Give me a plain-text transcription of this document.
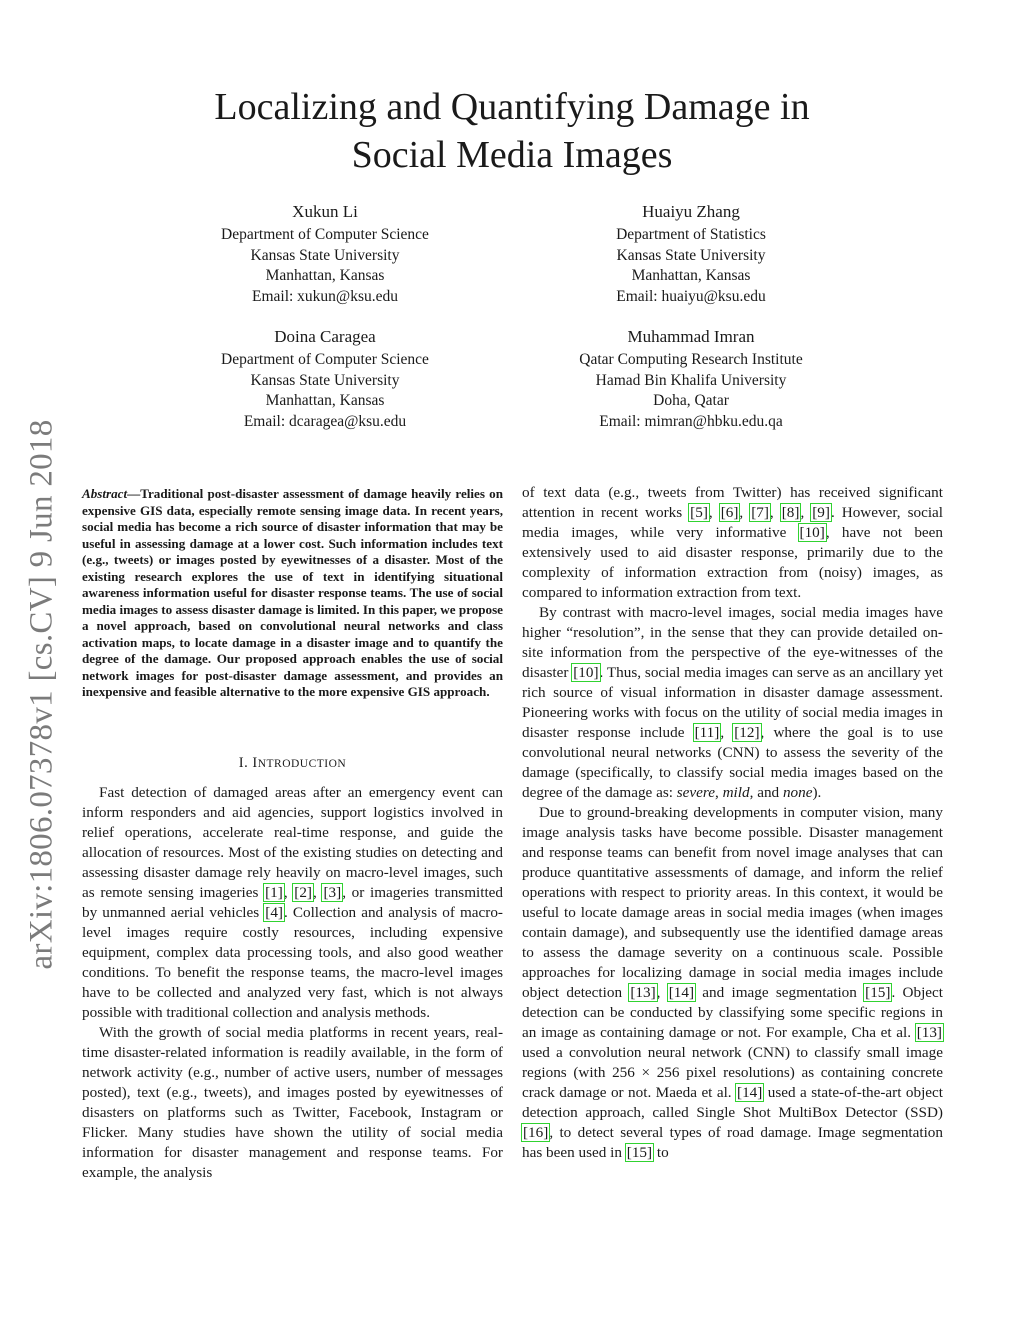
arXiv:1806.07378v1 [cs.CV] 9 Jun 2018
Localizing and Quantifying Damage in
Social Media Images
Xukun Li
Department of Computer Science
Kansas State University
Manhattan, Kansas
Email: xukun@ksu.edu
Huaiyu Zhang
Department of Statistics
Kansas State University
Manhattan, Kansas
Email: huaiyu@ksu.edu
Doina Caragea
Department of Computer Science
Kansas State University
Manhattan, Kansas
Email: dcaragea@ksu.edu
Muhammad Imran
Qatar Computing Research Institute
Hamad Bin Khalifa University
Doha, Qatar
Email: mimran@hbku.edu.qa
Abstract—Traditional post-disaster assessment of damage heavily relies on expensive GIS data, especially remote sensing image data. In recent years, social media has become a rich source of disaster information that may be useful in assessing damage at a lower cost. Such information includes text (e.g., tweets) or images posted by eyewitnesses of a disaster. Most of the existing research explores the use of text in identifying situational awareness information useful for disaster response teams. The use of social media images to assess disaster damage is limited. In this paper, we propose a novel approach, based on convolutional neural networks and class activation maps, to locate damage in a disaster image and to quantify the degree of the damage. Our proposed approach enables the use of social network images for post-disaster damage assessment, and provides an inexpensive and feasible alternative to the more expensive GIS approach.
I. INTRODUCTION

Fast detection of damaged areas after an emergency event can inform responders and aid agencies, support logistics involved in relief operations, accelerate real-time response, and guide the allocation of resources. Most of the existing studies on detecting and assessing disaster damage rely heavily on macro-level images, such as remote sensing imageries [1], [2], [3], or imageries transmitted by unmanned aerial vehicles [4]. Collection and analysis of macro-level images require costly resources, including expensive equipment, complex data processing tools, and also good weather conditions. To benefit the response teams, the macro-level images have to be collected and analyzed very fast, which is not always possible with traditional collection and analysis methods.

With the growth of social media platforms in recent years, real-time disaster-related information is readily available, in the form of network activity (e.g., number of active users, number of messages posted), text (e.g., tweets), and images posted by eyewitnesses of disasters on platforms such as Twitter, Facebook, Instagram or Flicker. Many studies have shown the utility of social media information for disaster management and response teams. For example, the analysis

of text data (e.g., tweets from Twitter) has received significant attention in recent works [5], [6], [7], [8], [9]. However, social media images, while very informative [10], have not been extensively used to aid disaster response, primarily due to the complexity of information extraction from (noisy) images, as compared to information extraction from text.

By contrast with macro-level images, social media images have higher “resolution”, in the sense that they can provide detailed on-site information from the perspective of the eye-witnesses of the disaster [10]. Thus, social media images can serve as an ancillary yet rich source of visual information in disaster damage assessment. Pioneering works with focus on the utility of social media images in disaster response include [11], [12], where the goal is to use convolutional neural networks (CNN) to assess the severity of the damage (specifically, to classify social media images based on the degree of the damage as: severe, mild, and none).

Due to ground-breaking developments in computer vision, many image analysis tasks have become possible. Disaster management and response teams can benefit from novel image analyses that can produce quantitative assessments of damage, and inform the relief operations with respect to priority areas. In this context, it would be useful to locate damage areas in social media images (when images contain damage), and subsequently use the identified damage areas to assess the damage severity on a continuous scale. Possible approaches for localizing damage in social media images include object detection [13], [14] and image segmentation [15]. Object detection can be conducted by classifying some specific regions in an image as containing damage or not. For example, Cha et al. [13] used a convolution neural network (CNN) to classify small image regions (with 256 × 256 pixel resolutions) as containing concrete crack damage or not. Maeda et al. [14] used a state-of-the-art object detection approach, called Single Shot MultiBox Detector (SSD) [16], to detect several types of road damage. Image segmentation has been used in [15] to
